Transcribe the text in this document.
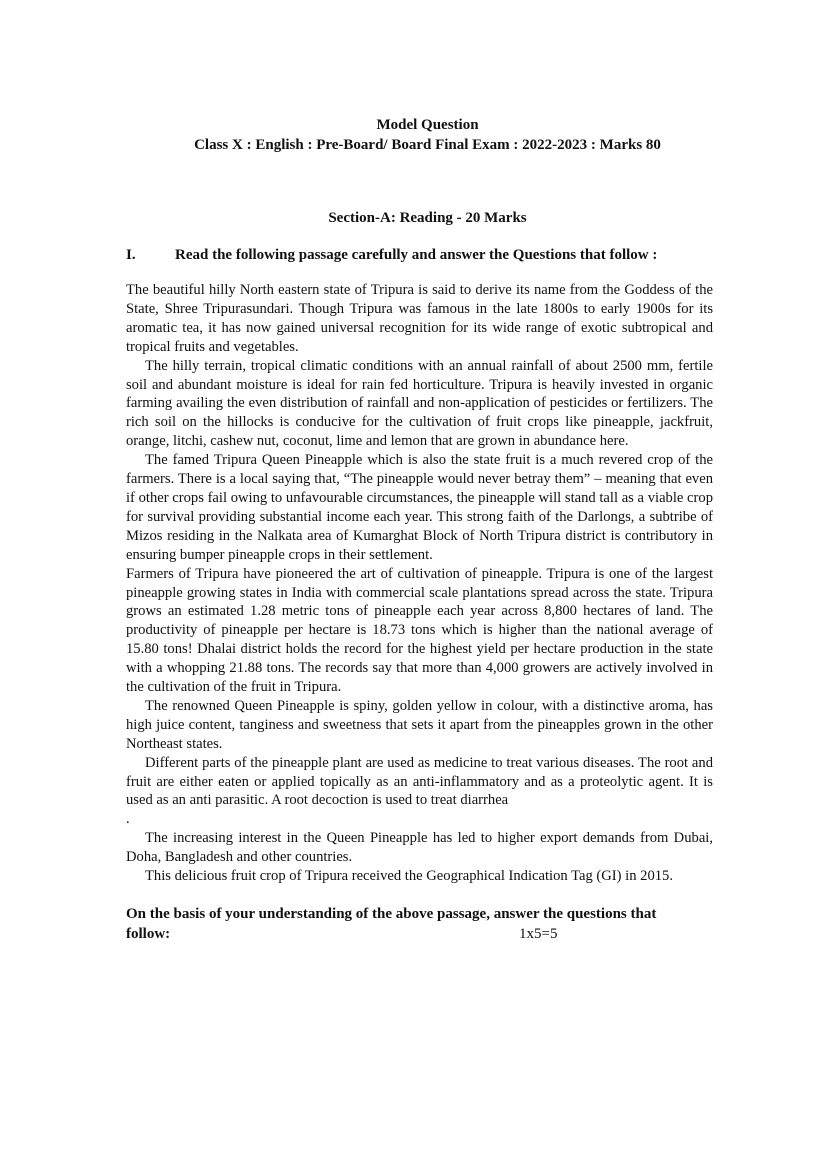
Model Question

Class X : English : Pre-Board/ Board Final Exam : 2022-2023 : Marks 80

Section-A: Reading - 20 Marks

I.	Read the following passage carefully and answer the Questions that follow :

The beautiful hilly North eastern state of Tripura is said to derive its name from the Goddess of the State, Shree Tripurasundari. Though Tripura was famous in the late 1800s to early 1900s for its aromatic tea, it has now gained universal recognition for its wide range of exotic subtropical and tropical fruits and vegetables.

The hilly terrain, tropical climatic conditions with an annual rainfall of about 2500 mm, fertile soil and abundant moisture is ideal for rain fed horticulture. Tripura is heavily invested in organic farming availing the even distribution of rainfall and non-application of pesticides or fertilizers. The rich soil on the hillocks is conducive for the cultivation of fruit crops like pineapple, jackfruit, orange, litchi, cashew nut, coconut, lime and lemon that are grown in abundance here.

The famed Tripura Queen Pineapple which is also the state fruit is a much revered crop of the farmers. There is a local saying that, “The pineapple would never betray them” – meaning that even if other crops fail owing to unfavourable circumstances, the pineapple will stand tall as a viable crop for survival providing substantial income each year. This strong faith of the Darlongs, a subtribe of Mizos residing in the Nalkata area of Kumarghat Block of North Tripura district is contributory in ensuring bumper pineapple crops in their settlement.

Farmers of Tripura have pioneered the art of cultivation of pineapple. Tripura is one of the largest pineapple growing states in India with commercial scale plantations spread across the state. Tripura grows an estimated 1.28 metric tons of pineapple each year across 8,800 hectares of land. The productivity of pineapple per hectare is 18.73 tons which is higher than the national average of 15.80 tons! Dhalai district holds the record for the highest yield per hectare production in the state with a whopping 21.88 tons. The records say that more than 4,000 growers are actively involved in the cultivation of the fruit in Tripura.

The renowned Queen Pineapple is spiny, golden yellow in colour, with a distinctive aroma, has high juice content, tanginess and sweetness that sets it apart from the pineapples grown in the other Northeast states.

Different parts of the pineapple plant are used as medicine to treat various diseases. The root and fruit are either eaten or applied topically as an anti-inflammatory and as a proteolytic agent. It is used as an anti parasitic. A root decoction is used to treat diarrhea

.

The increasing interest in the Queen Pineapple has led to higher export demands from Dubai, Doha, Bangladesh and other countries.

This delicious fruit crop of Tripura received the Geographical Indication Tag (GI) in 2015.

On the basis of your understanding of the above passage, answer the questions that
follow:	1x5=5
